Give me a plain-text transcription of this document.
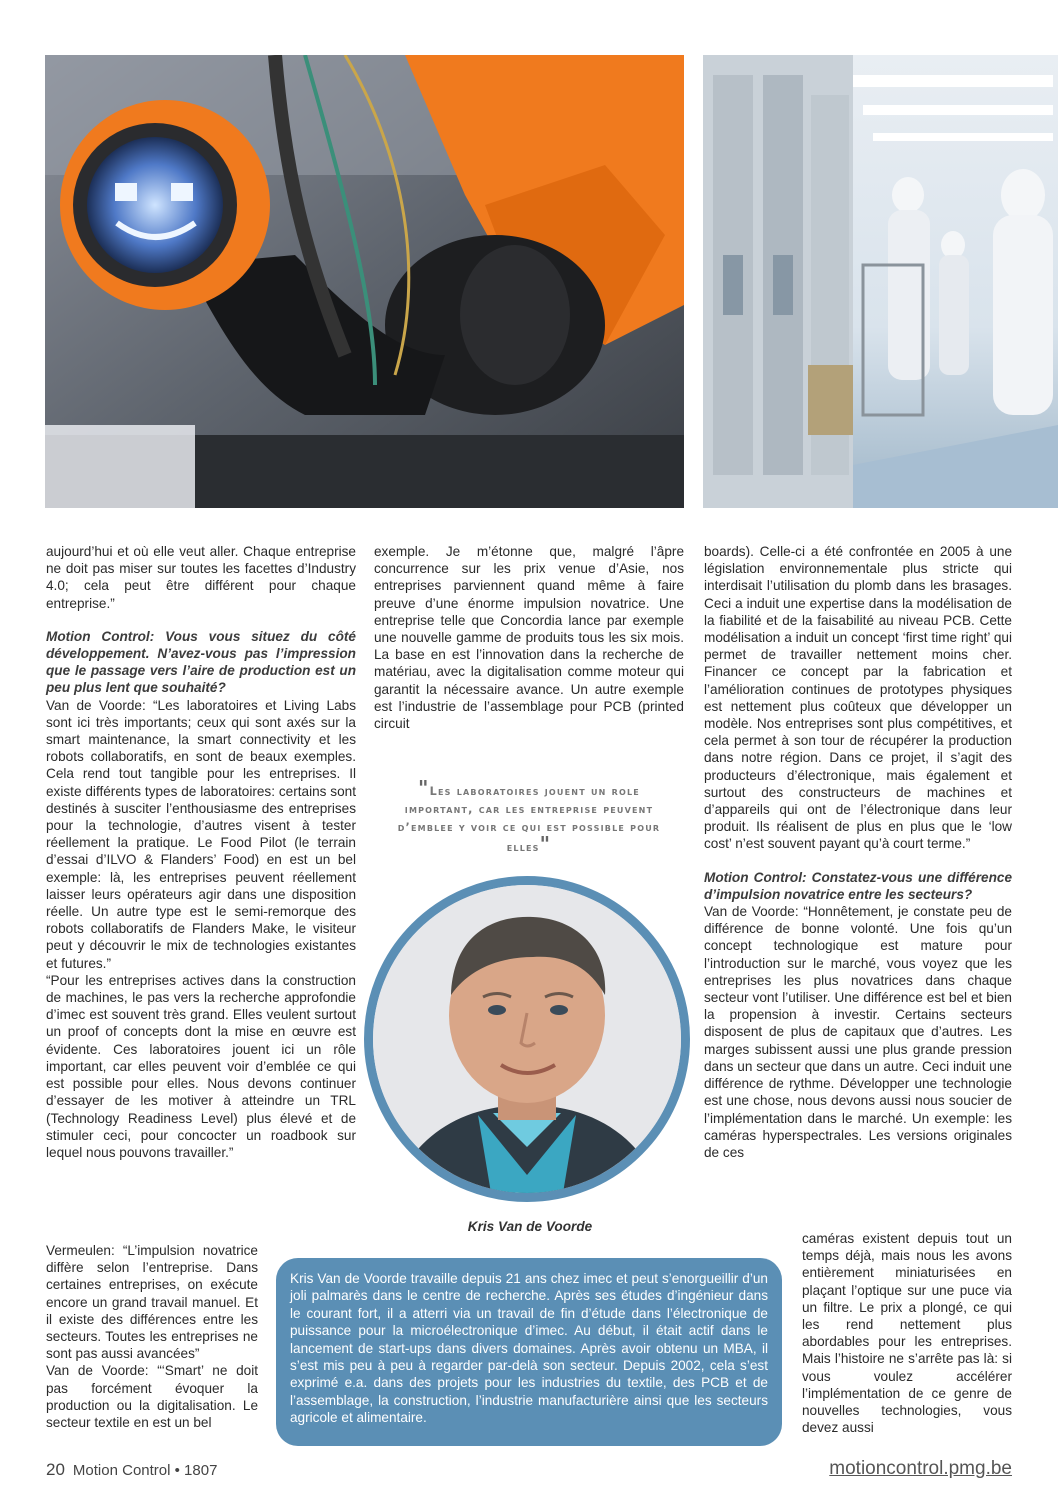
aujourd’hui et où elle veut aller. Chaque entreprise ne doit pas miser sur toutes les facettes d’Industry 4.0; cela peut être différent pour chaque entreprise.”

Motion Control: Vous vous situez du côté développement. N’avez-vous pas l’impression que le passage vers l’aire de production est un peu plus lent que souhaité?

Van de Voorde: “Les laboratoires et Living Labs sont ici très importants; ceux qui sont axés sur la smart maintenance, la smart connectivity et les robots collaboratifs, en sont de beaux exemples. Cela rend tout tangible pour les entreprises. Il existe différents types de laboratoires: certains sont destinés à susciter l’enthousiasme des entreprises pour la technologie, d’autres visent à tester réellement la pratique. Le Food Pilot (le terrain d’essai d’ILVO & Flanders’ Food) en est un bel exemple: là, les entreprises peuvent réellement laisser leurs opérateurs agir dans une disposition réelle. Un autre type est le semi-remorque des robots collaboratifs de Flanders Make, le visiteur peut y découvrir le mix de technologies existantes et futures.”

“Pour les entreprises actives dans la construction de machines, le pas vers la recherche approfondie d’imec est souvent très grand. Elles veulent surtout un proof of concepts dont la mise en œuvre est évidente. Ces laboratoires jouent ici un rôle important, car elles peuvent voir d’emblée ce qui est possible pour elles. Nous devons continuer d’essayer de les motiver à atteindre un TRL (Technology Readiness Level) plus élevé et de stimuler ceci, pour concocter un roadbook sur lequel nous pouvons travailler.”

Vermeulen: “L’impulsion novatrice diffère selon l’entreprise. Dans certaines entreprises, on exécute encore un grand travail manuel. Et il existe des différences entre les secteurs. Toutes les entreprises ne sont pas aussi avancées”

Van de Voorde: “‘Smart’ ne doit pas forcément évoquer la production ou la digitalisation. Le secteur textile en est un bel

exemple. Je m’étonne que, malgré l’âpre concurrence sur les prix venue d’Asie, nos entreprises parviennent quand même à faire preuve d’une énorme impulsion novatrice. Une entreprise telle que Concordia lance par exemple une nouvelle gamme de produits tous les six mois. La base en est l’innovation dans la recherche de matériau, avec la digitalisation comme moteur qui garantit la nécessaire avance. Un autre exemple est l’industrie de l’assemblage pour PCB (printed circuit

"Les laboratoires jouent un role important, car les entreprise peuvent d’emblee y voir ce qui est possible pour elles"
Kris Van de Voorde

boards). Celle-ci a été confrontée en 2005 à une législation environnementale plus stricte qui interdisait l’utilisation du plomb dans les brasages. Ceci a induit une expertise dans la modélisation de la fiabilité et de la faisabilité au niveau PCB. Cette modélisation a induit un concept ‘first time right’ qui permet de travailler nettement moins cher. Financer ce concept par la fabrication et l’amélioration continues de prototypes physiques est nettement plus coûteux que développer un modèle. Nos entreprises sont plus compétitives, et cela permet à son tour de récupérer la production dans notre région. Dans ce projet, il s’agit des producteurs d’électronique, mais également et surtout des constructeurs de machines et d’appareils qui ont de l’électronique dans leur produit. Ils réalisent de plus en plus que le ‘low cost’ n’est souvent payant qu’à court terme.”

Motion Control: Constatez-vous une différence d’impulsion novatrice entre les secteurs?

Van de Voorde: “Honnêtement, je constate peu de différence de bonne volonté. Une fois qu’un concept technologique est mature pour l’introduction sur le marché, vous voyez que les entreprises les plus novatrices dans chaque secteur vont l’utiliser. Une différence est bel et bien la propension à investir. Certains secteurs disposent de plus de capitaux que d’autres. Les marges subissent aussi une plus grande pression dans un secteur que dans un autre. Ceci induit une différence de rythme. Développer une technologie est une chose, nous devons aussi nous soucier de l’implémentation dans le marché. Un exemple: les caméras hyperspectrales. Les versions originales de ces

caméras existent depuis tout un temps déjà, mais nous les avons entièrement miniaturisées en plaçant l’optique sur une puce via un filtre. Le prix a plongé, ce qui les rend nettement plus abordables pour les entreprises. Mais l’histoire ne s’arrête pas là: si vous voulez accélérer l’implémentation de ce genre de nouvelles technologies, vous devez aussi

Kris Van de Voorde travaille depuis 21 ans chez imec et peut s’enorgueillir d’un joli palmarès dans le centre de recherche. Après ses études d’ingénieur dans le courant fort, il a atterri via un travail de fin d’étude dans l’électronique de puissance pour la microélectronique d’imec. Au début, il était actif dans le lancement de start-ups dans divers domaines. Après avoir obtenu un MBA, il s’est mis peu à peu à regarder par-delà son secteur. Depuis 2002, cela s’est exprimé e.a. dans des projets pour les industries du textile, des PCB et de l’assemblage, la construction, l’industrie manufacturière ainsi que les secteurs agricole et alimentaire.
20 Motion Control • 1807	motioncontrol.pmg.be
